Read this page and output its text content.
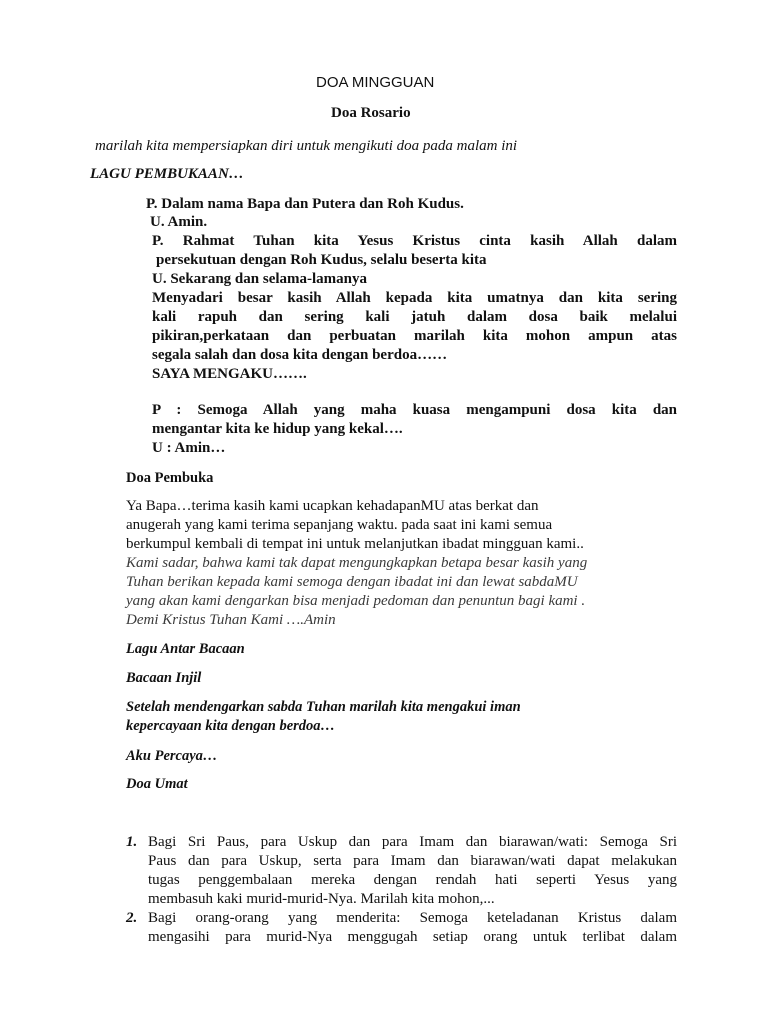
DOA MINGGUAN
Doa Rosario
marilah kita mempersiapkan diri untuk mengikuti doa pada malam ini
LAGU PEMBUKAAN…
P. Dalam nama Bapa dan Putera dan Roh Kudus.
U. Amin.
P. Rahmat Tuhan kita Yesus Kristus cinta kasih Allah dalam
persekutuan dengan Roh Kudus, selalu beserta kita
U. Sekarang dan selama-lamanya
Menyadari besar kasih Allah kepada kita umatnya dan kita sering
kali rapuh dan sering kali jatuh dalam dosa baik melalui
pikiran,perkataan dan perbuatan marilah kita mohon ampun atas
segala salah dan dosa kita dengan berdoa……
SAYA MENGAKU…….
P : Semoga Allah yang maha kuasa mengampuni dosa kita dan
mengantar kita ke hidup yang kekal….
U : Amin…
Doa Pembuka
Ya Bapa…terima kasih kami ucapkan kehadapanMU atas berkat dan
anugerah yang kami terima sepanjang waktu. pada saat ini kami semua
berkumpul kembali di tempat ini untuk melanjutkan ibadat mingguan kami..
Kami sadar, bahwa kami tak dapat mengungkapkan betapa besar kasih yang
Tuhan berikan kepada kami semoga dengan ibadat ini dan lewat sabdaMU
yang akan kami dengarkan bisa menjadi pedoman dan penuntun bagi kami .
Demi Kristus Tuhan Kami ….Amin
Lagu Antar Bacaan
Bacaan Injil
Setelah mendengarkan sabda Tuhan marilah kita mengakui iman
kepercayaan kita dengan berdoa…
Aku Percaya…
Doa Umat
1. Bagi Sri Paus, para Uskup dan para Imam dan biarawan/wati: Semoga Sri
Paus dan para Uskup, serta para Imam dan biarawan/wati dapat melakukan
tugas penggembalaan mereka dengan rendah hati seperti Yesus yang
membasuh kaki murid-murid-Nya. Marilah kita mohon,...
2. Bagi orang-orang yang menderita: Semoga keteladanan Kristus dalam
mengasihi para murid-Nya menggugah setiap orang untuk terlibat dalam
